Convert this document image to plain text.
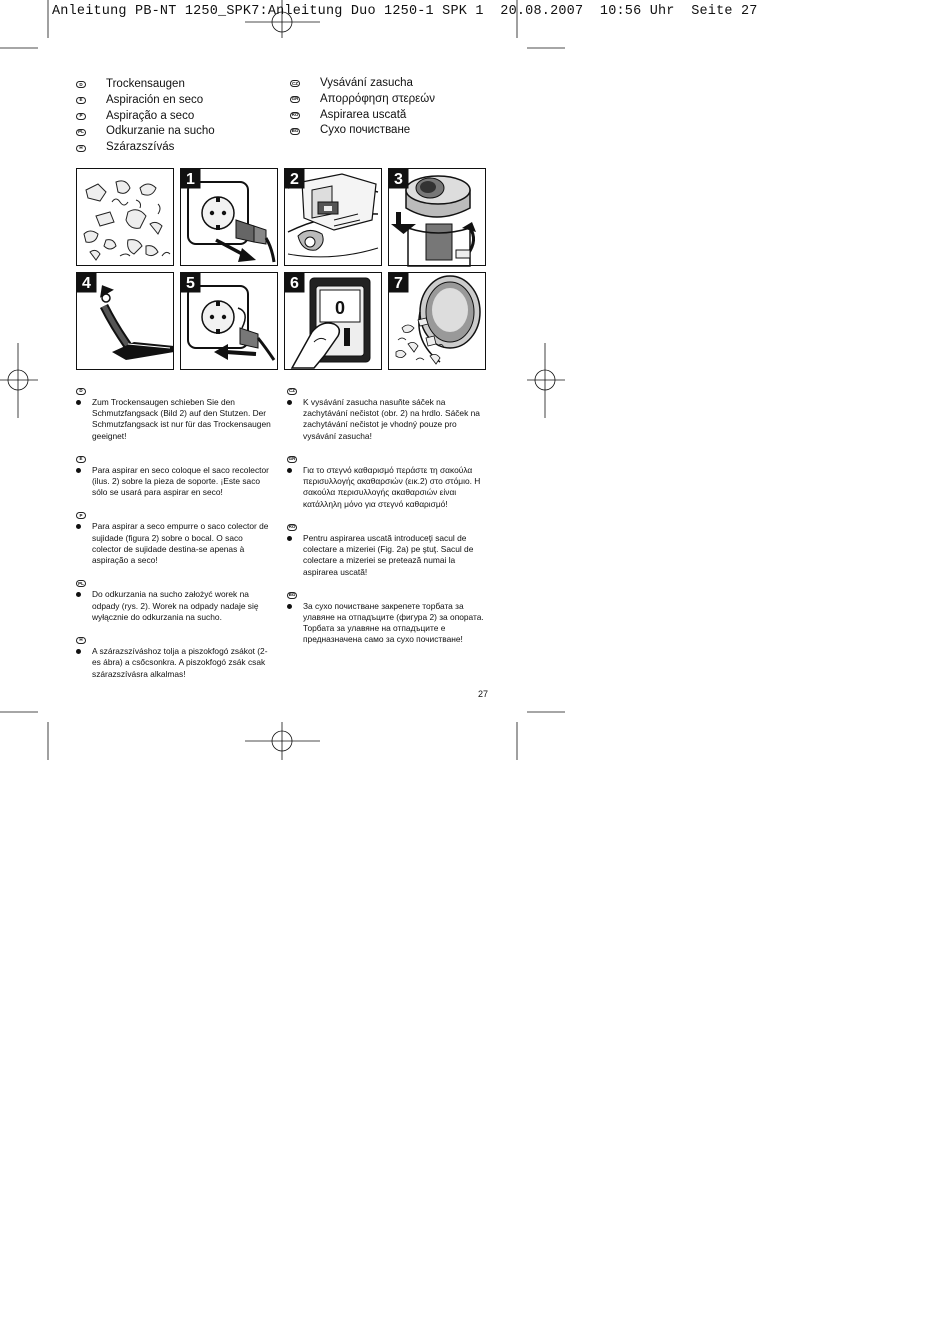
Anleitung PB-NT 1250_SPK7:Anleitung Duo 1250-1 SPK 1  20.08.2007  10:56 Uhr  Seite 27
D Trockensaugen
E	Aspiración en seco
P	Aspiração a seco
PL Odkurzanie na sucho
H Szárazszívás
CZ Vysávání zasucha
GR Απορρόφηση στερεών
RO Aspirarea uscată
BG Сухо почистване
1	2	3
4	5
0
6	7
D
Zum Trockensaugen schieben Sie den Schmutzfangsack (Bild 2) auf den Stutzen. Der Schmutzfangsack ist nur für das Trockensaugen geeignet!
E
Para aspirar en seco coloque el saco recolector (ilus. 2) sobre la pieza de soporte. ¡Este saco sólo se usará para aspirar en seco!
P
Para aspirar a seco empurre o saco colector de sujidade (figura 2) sobre o bocal. O saco colector de sujidade destina-se apenas à aspiração a seco!
PL
Do odkurzania na sucho założyć worek na odpady (rys. 2). Worek na odpady nadaje się wyłącznie do odkurzania na sucho.
H
A szárazszíváshoz tolja a piszokfogó zsákot (2-es ábra) a csőcsonkra. A piszokfogó zsák csak szárazszívásra alkalmas!
CZ
K vysávání zasucha nasuňte sáček na zachytávání nečistot (obr. 2) na hrdlo. Sáček na zachytávání nečistot je vhodný pouze pro vysávání zasucha!
GR
Για το στεγνό καθαρισμό περάστε τη σακούλα περισυλλογής ακαθαρσιών (εικ.2) στο στόμιο. Η σακούλα περισυλλογής ακαθαρσιών είναι κατάλληλη μόνο για στεγνό καθαρισμό!
RO
Pentru aspirarea uscată introduceţi sacul de colectare a mizeriei (Fig. 2a) pe ştuţ. Sacul de colectare a mizeriei se pretează numai la aspirarea uscată!
BG
За сухо почистване закрепете торбата за улавяне на отпадъците (фигура 2) за опората. Торбата за улавяне на отпадъците е предназначена само за сухо почистване!
27
